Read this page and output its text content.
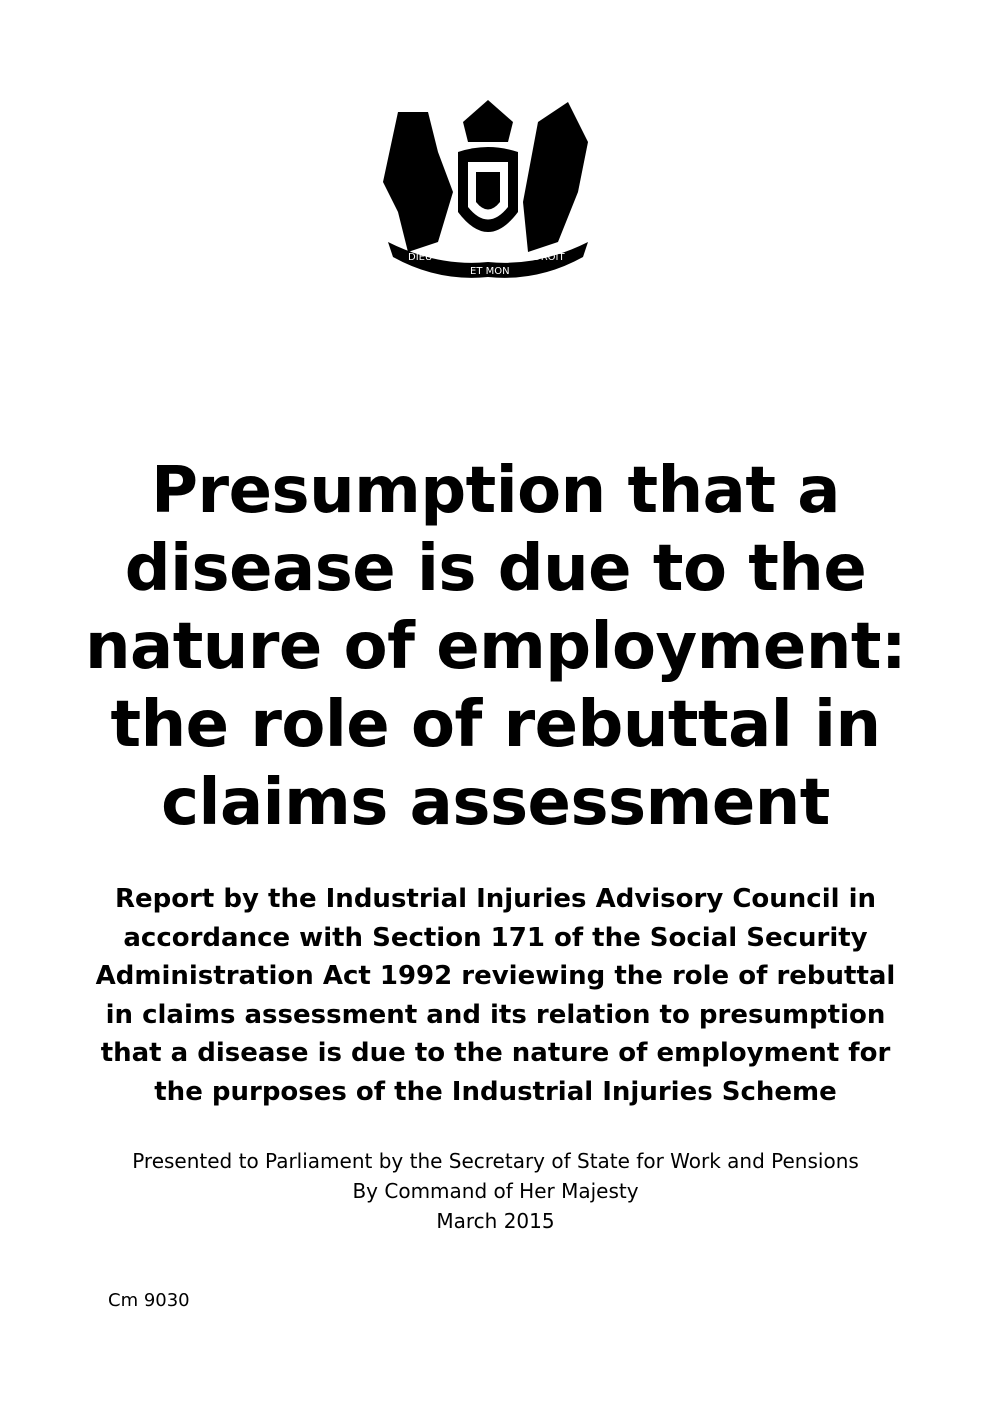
DIEU
ET MON
DROIT
Presumption that a disease is due to the nature of employment: the role of rebuttal in claims assessment
Report by the Industrial Injuries Advisory Council in accordance with Section 171 of the Social Security Administration Act 1992 reviewing the role of rebuttal in claims assessment and its relation to presumption that a disease is due to the nature of employment for the purposes of the Industrial Injuries Scheme
Presented to Parliament by the Secretary of State for Work and Pensions
By Command of Her Majesty
March 2015
Cm 9030
